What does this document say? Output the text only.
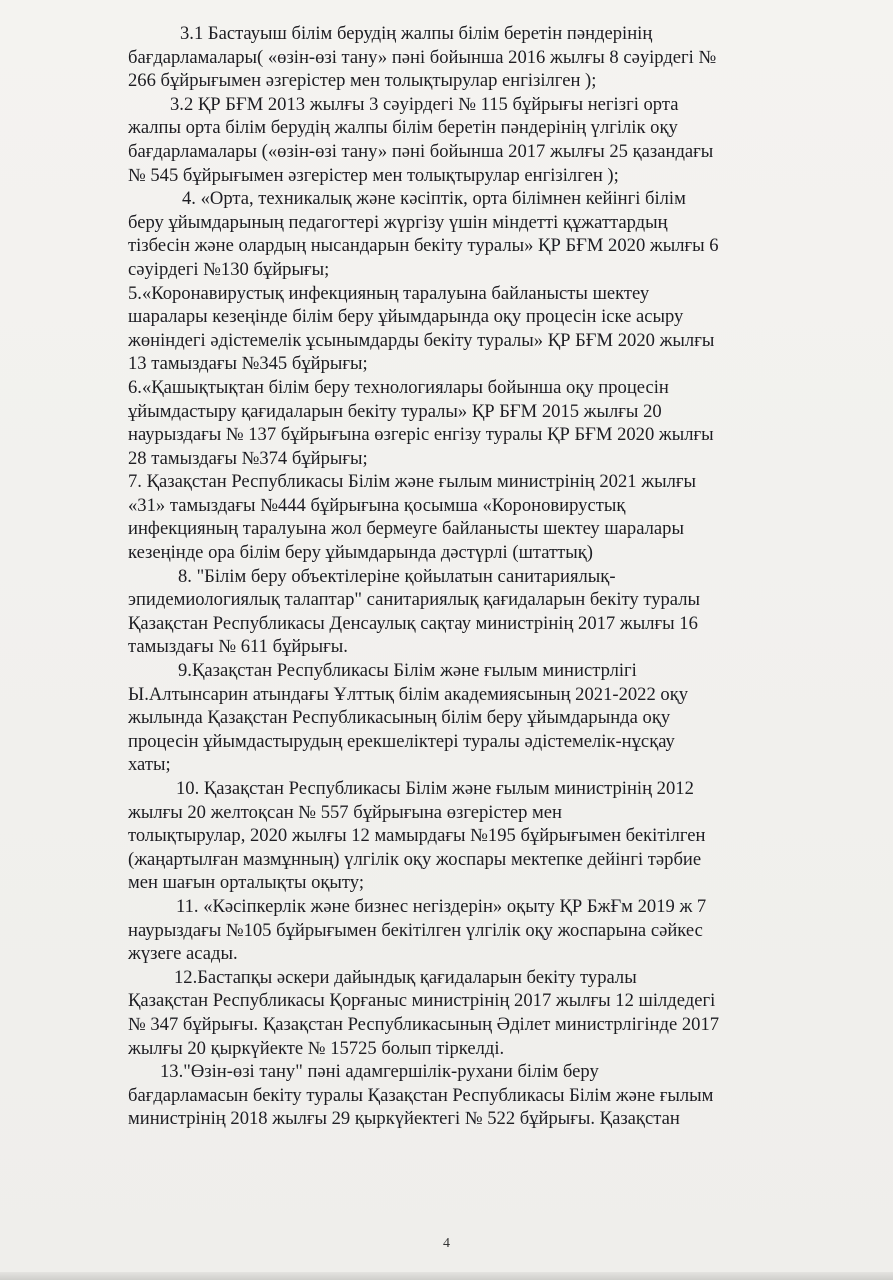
3.1 Бастауыш білім берудің жалпы білім беретін пәндерінің
бағдарламалары( «өзін-өзі тану» пәні бойынша 2016 жылғы 8 сәуірдегі №
266 бұйрығымен әзгерістер мен толықтырулар енгізілген );
3.2 ҚР БҒМ 2013 жылғы 3 сәуірдегі № 115 бұйрығы негізгі орта
жалпы орта білім берудің жалпы білім беретін пәндерінің үлгілік оқу
бағдарламалары («өзін-өзі тану» пәні бойынша 2017 жылғы 25 қазандағы
№ 545 бұйрығымен әзгерістер мен толықтырулар енгізілген );
4. «Орта, техникалық және кәсіптік, орта білімнен кейінгі білім
беру ұйымдарының педагогтері жүргізу үшін міндетті құжаттардың
тізбесін және олардың нысандарын бекіту туралы» ҚР БҒМ 2020 жылғы 6
сәуірдегі №130 бұйрығы;
5.«Коронавирустық инфекцияның таралуына байланысты шектеу
шаралары кезеңінде білім беру ұйымдарында оқу процесін іске асыру
жөніндегі әдістемелік ұсынымдарды бекіту туралы» ҚР БҒМ 2020 жылғы
13 тамыздағы №345 бұйрығы;
6.«Қашықтықтан білім беру технологиялары бойынша оқу процесін
ұйымдастыру қағидаларын бекіту туралы» ҚР БҒМ 2015 жылғы 20
наурыздағы № 137 бұйрығына өзгеріс енгізу туралы ҚР БҒМ 2020 жылғы
28 тамыздағы №374 бұйрығы;
7. Қазақстан Республикасы Білім және ғылым министрінің 2021 жылғы
«31» тамыздағы №444 бұйрығына қосымша «Короновирустық
инфекцияның таралуына жол бермеуге байланысты шектеу шаралары
кезеңінде ора білім беру ұйымдарында дәстүрлі (штаттық)
8. "Білім беру объектілеріне қойылатын санитариялық-
эпидемиологиялық талаптар" санитариялық қағидаларын бекіту туралы
Қазақстан Республикасы Денсаулық сақтау министрінің 2017 жылғы 16
тамыздағы № 611 бұйрығы.
9.Қазақстан Республикасы Білім және ғылым министрлігі
Ы.Алтынсарин атындағы Ұлттық білім академиясының 2021-2022 оқу
жылында Қазақстан Республикасының білім беру ұйымдарында оқу
процесін ұйымдастырудың ерекшеліктері туралы әдістемелік-нұсқау
хаты;
10. Қазақстан Республикасы Білім және ғылым министрінің 2012
жылғы 20 желтоқсан № 557 бұйрығына өзгерістер мен
толықтырулар, 2020 жылғы 12 мамырдағы №195 бұйрығымен бекітілген
(жаңартылған мазмұнның) үлгілік оқу жоспары мектепке дейінгі тәрбие
мен шағын орталықты оқыту;
11. «Кәсіпкерлік және бизнес негіздерін» оқыту ҚР БжҒм 2019 ж 7
наурыздағы №105 бұйрығымен бекітілген үлгілік оқу жоспарына сәйкес
жүзеге асады.
12.Бастапқы әскери дайындық қағидаларын бекіту туралы
Қазақстан Республикасы Қорғаныс министрінің 2017 жылғы 12 шілдедегі
№ 347 бұйрығы. Қазақстан Республикасының Әділет министрлігінде 2017
жылғы 20 қыркүйекте № 15725 болып тіркелді.
13."Өзін-өзі тану" пәні адамгершілік-рухани білім беру
бағдарламасын бекіту туралы Қазақстан Республикасы Білім және ғылым
министрінің 2018 жылғы 29 қыркүйектегі № 522 бұйрығы. Қазақстан
4
